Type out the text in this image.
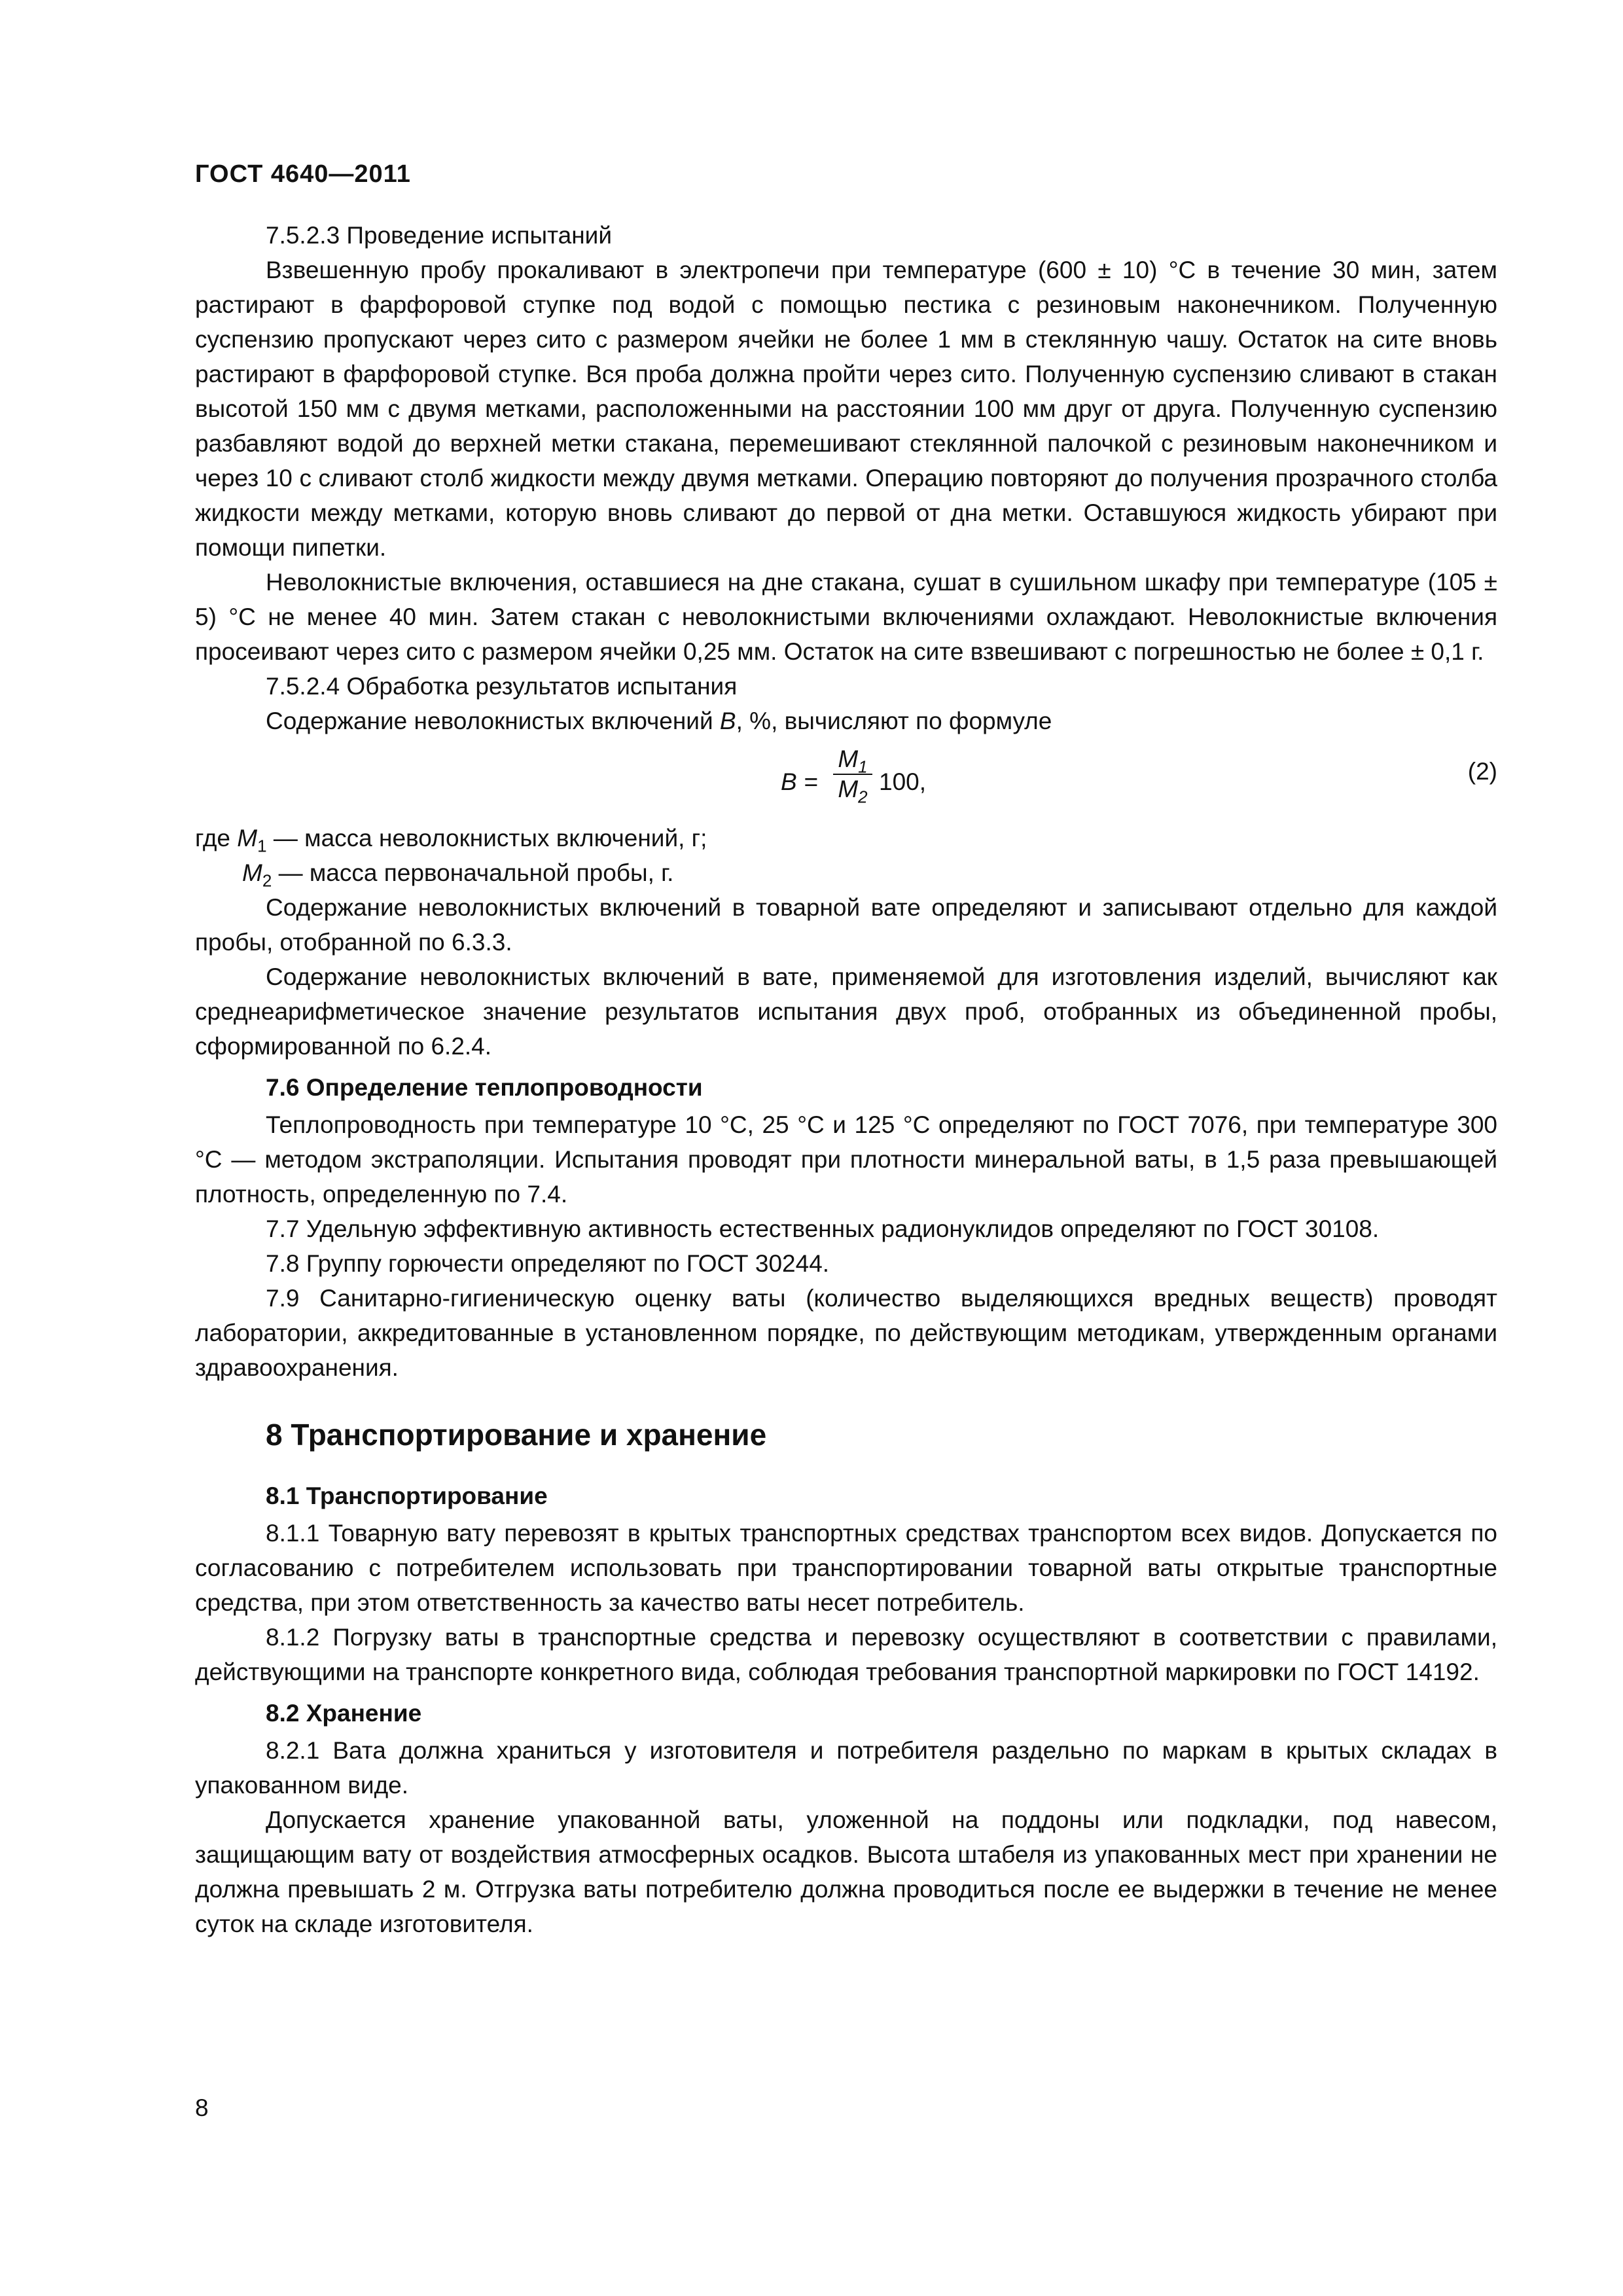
ГОСТ 4640—2011

7.5.2.3 Проведение испытаний

Взвешенную пробу прокаливают в электропечи при температуре (600 ± 10) °С в течение 30 мин, затем растирают в фарфоровой ступке под водой с помощью пестика с резиновым наконечником. Полученную суспензию пропускают через сито с размером ячейки не более 1 мм в стеклянную чашу. Остаток на сите вновь растирают в фарфоровой ступке. Вся проба должна пройти через сито. Полученную суспензию сливают в стакан высотой 150 мм с двумя метками, расположенными на расстоянии 100 мм друг от друга. Полученную суспензию разбавляют водой до верхней метки стакана, перемешивают стеклянной палочкой с резиновым наконечником и через 10 с сливают столб жидкости между двумя метками. Операцию повторяют до получения прозрачного столба жидкости между метками, которую вновь сливают до первой от дна метки. Оставшуюся жидкость убирают при помощи пипетки.

Неволокнистые включения, оставшиеся на дне стакана, сушат в сушильном шкафу при температуре (105 ± 5) °С не менее 40 мин. Затем стакан с неволокнистыми включениями охлаждают. Неволокнистые включения просеивают через сито с размером ячейки 0,25 мм. Остаток на сите взвешивают с погрешностью не более ± 0,1 г.

7.5.2.4 Обработка результатов испытания

Содержание неволокнистых включений B, %, вычисляют по формуле

B =
$M_1$
$M_2$
100,	(2)

где $M_1$ — масса неволокнистых включений, г;

$M_2$ — масса первоначальной пробы, г.

Содержание неволокнистых включений в товарной вате определяют и записывают отдельно для каждой пробы, отобранной по 6.3.3.

Содержание неволокнистых включений в вате, применяемой для изготовления изделий, вычисляют как среднеарифметическое значение результатов испытания двух проб, отобранных из объединенной пробы, сформированной по 6.2.4.

7.6 Определение теплопроводности

Теплопроводность при температуре 10 °С, 25 °С и 125 °С определяют по ГОСТ 7076, при температуре 300 °С — методом экстраполяции. Испытания проводят при плотности минеральной ваты, в 1,5 раза превышающей плотность, определенную по 7.4.

7.7 Удельную эффективную активность естественных радионуклидов определяют по ГОСТ 30108.

7.8 Группу горючести определяют по ГОСТ 30244.

7.9 Санитарно-гигиеническую оценку ваты (количество выделяющихся вредных веществ) проводят лаборатории, аккредитованные в установленном порядке, по действующим методикам, утвержденным органами здравоохранения.

8 Транспортирование и хранение
8.1 Транспортирование

8.1.1 Товарную вату перевозят в крытых транспортных средствах транспортом всех видов. Допускается по согласованию с потребителем использовать при транспортировании товарной ваты открытые транспортные средства, при этом ответственность за качество ваты несет потребитель.

8.1.2 Погрузку ваты в транспортные средства и перевозку осуществляют в соответствии с правилами, действующими на транспорте конкретного вида, соблюдая требования транспортной маркировки по ГОСТ 14192.

8.2 Хранение

8.2.1 Вата должна храниться у изготовителя и потребителя раздельно по маркам в крытых складах в упакованном виде.

Допускается хранение упакованной ваты, уложенной на поддоны или подкладки, под навесом, защищающим вату от воздействия атмосферных осадков. Высота штабеля из упакованных мест при хранении не должна превышать 2 м. Отгрузка ваты потребителю должна проводиться после ее выдержки в течение не менее суток на складе изготовителя.

8
